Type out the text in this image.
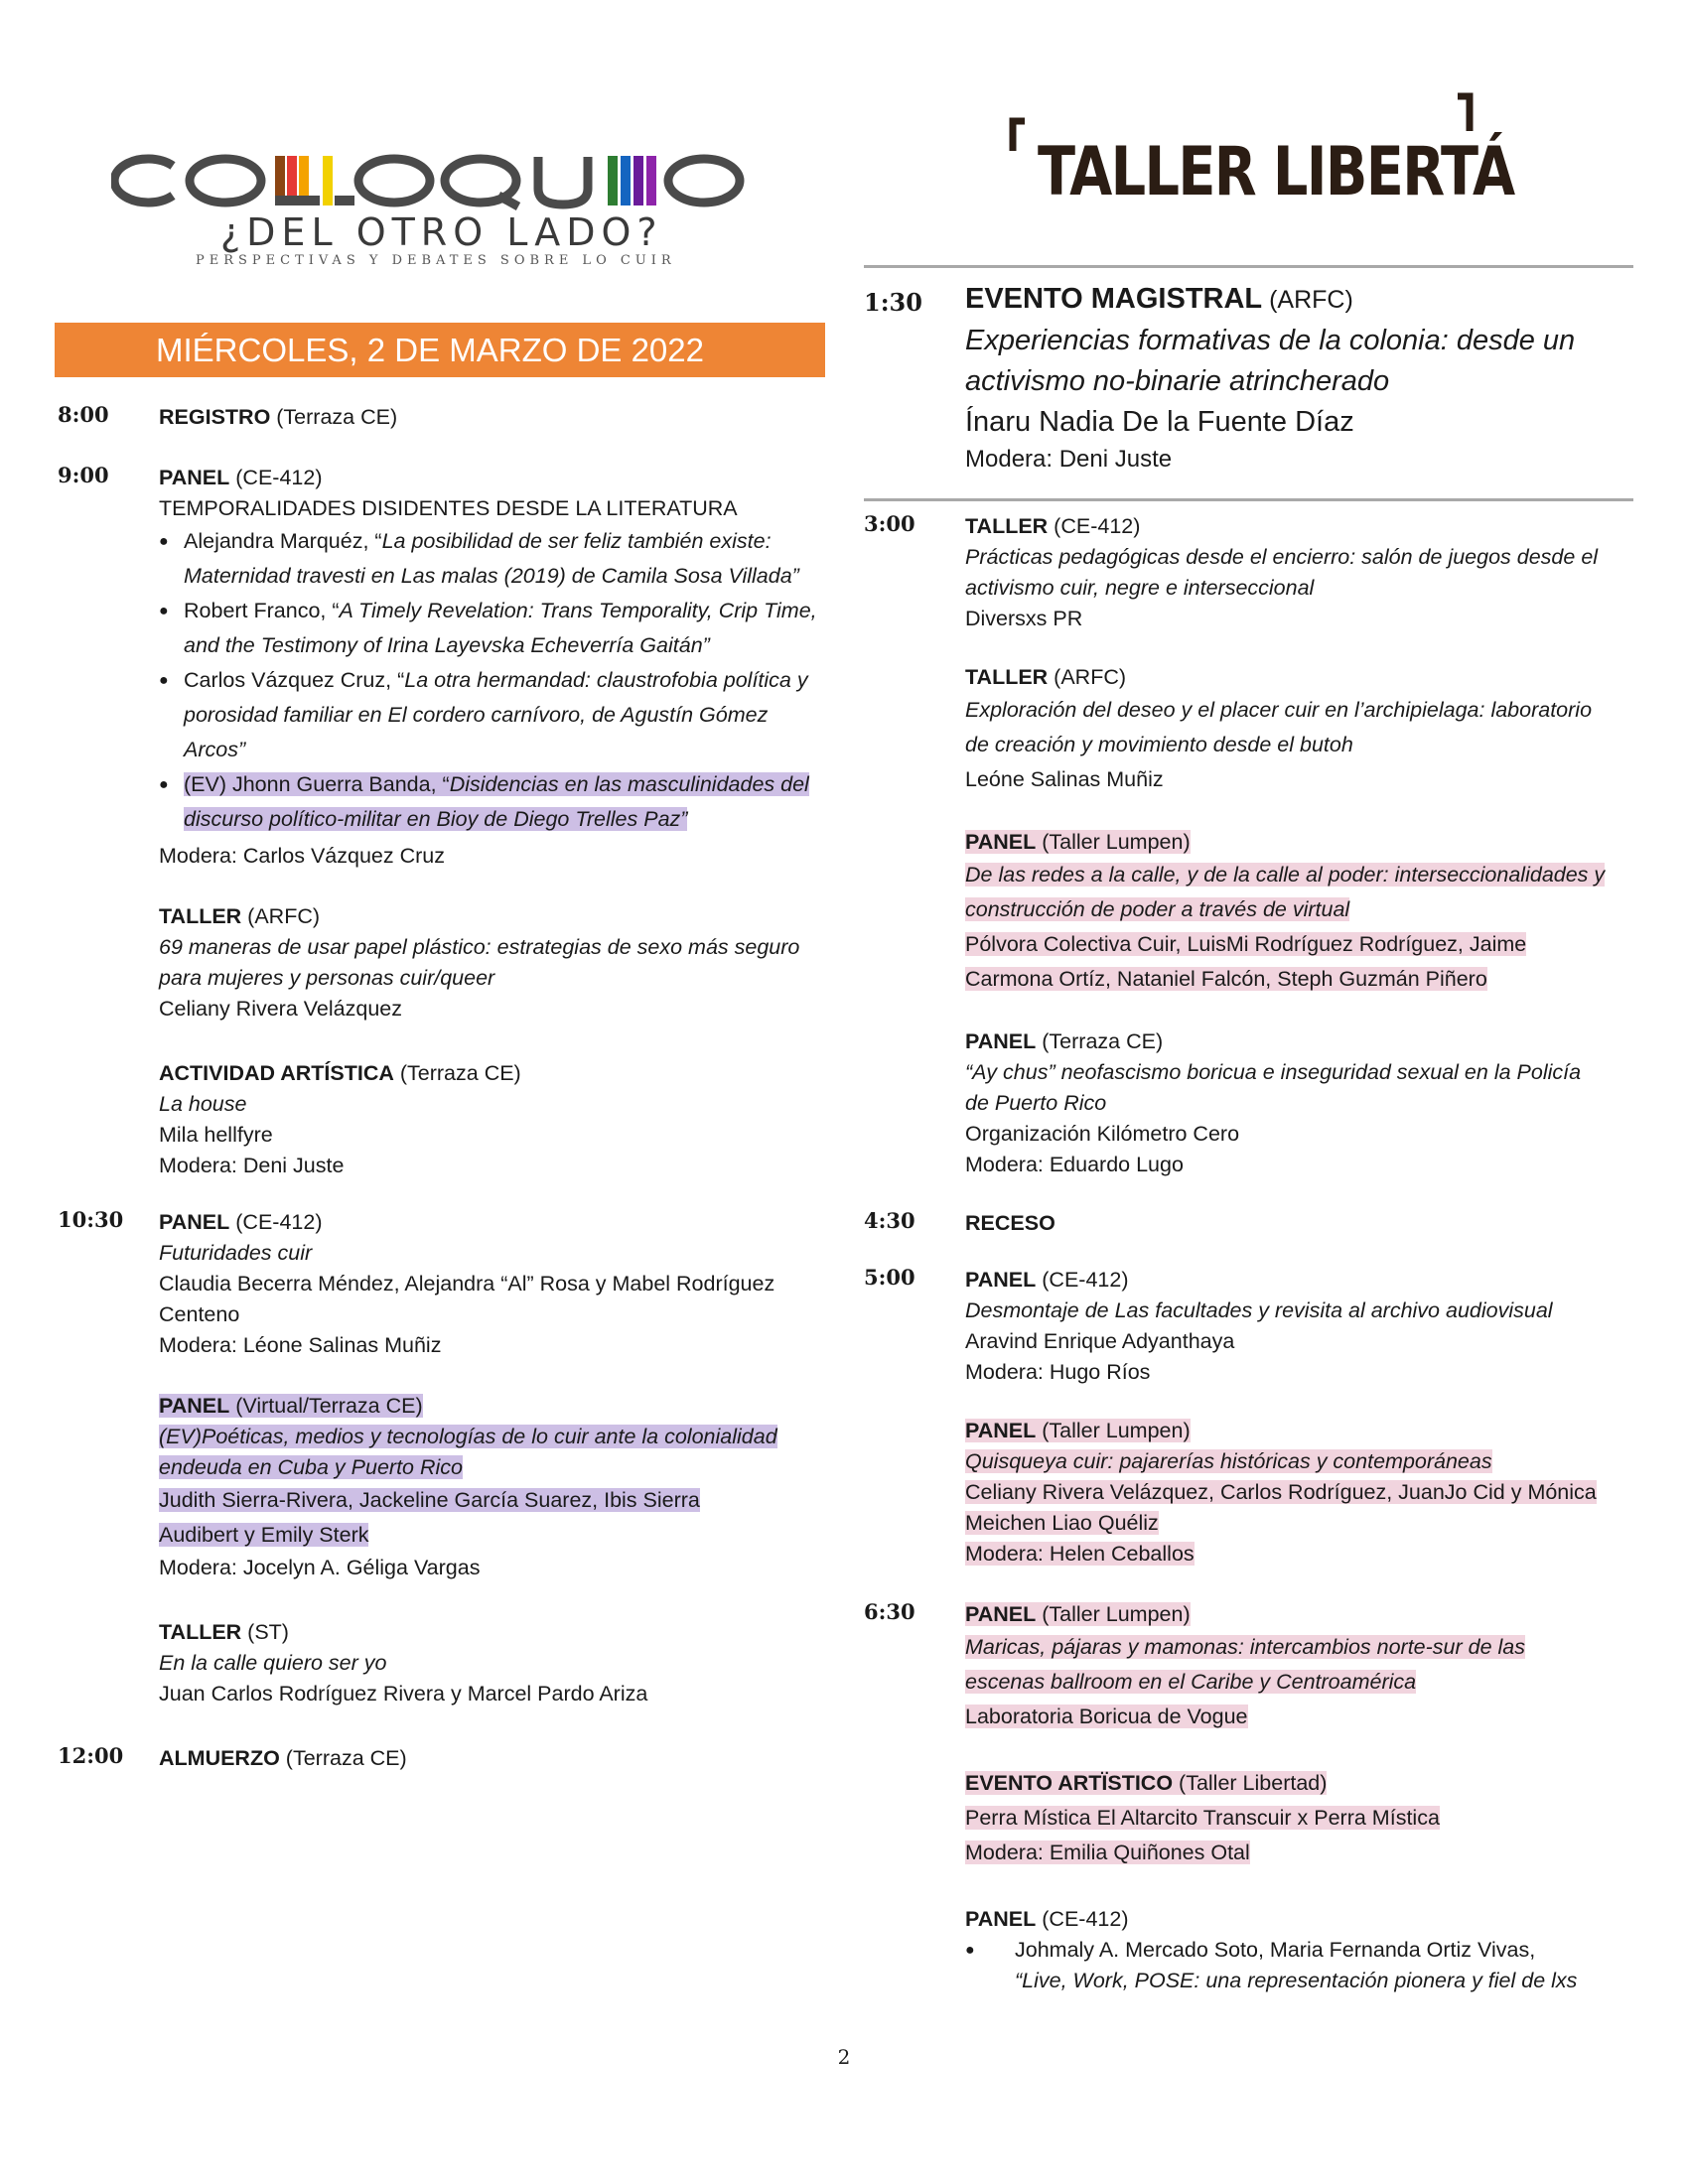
¿DEL OTRO LADO?
PERSPECTIVAS Y DEBATES SOBRE LO CUIR
TALLER LIBERTÁ
MIÉRCOLES, 2 DE MARZO DE 2022
8:00	REGISTRO (Terraza CE)
9:00	PANEL (CE-412)
TEMPORALIDADES DISIDENTES DESDE LA LITERATURA
● Alejandra Marquéz, “La posibilidad de ser feliz también existe: Maternidad travesti en Las malas (2019) de Camila Sosa Villada”
● Robert Franco, “A Timely Revelation: Trans Temporality, Crip Time, and the Testimony of Irina Layevska Echeverría Gaitán”
● Carlos Vázquez Cruz, “La otra hermandad: claustrofobia política y porosidad familiar en El cordero carnívoro, de Agustín Gómez Arcos”
● (EV) Jhonn Guerra Banda, “Disidencias en las masculinidades del discurso político-militar en Bioy de Diego Trelles Paz”
Modera: Carlos Vázquez Cruz
TALLER (ARFC)
69 maneras de usar papel plástico: estrategias de sexo más seguro
para mujeres y personas cuir/queer
Celiany Rivera Velázquez
ACTIVIDAD ARTÍSTICA (Terraza CE)
La house
Mila hellfyre
Modera: Deni Juste
10:30	PANEL (CE-412)
Futuridades cuir
Claudia Becerra Méndez, Alejandra “Al” Rosa y Mabel Rodríguez
Centeno
Modera: Léone Salinas Muñiz
PANEL (Virtual/Terraza CE)
(EV)Poéticas, medios y tecnologías de lo cuir ante la colonialidad
endeuda en Cuba y Puerto Rico
Judith Sierra-Rivera, Jackeline García Suarez, Ibis Sierra
Audibert y Emily Sterk
Modera: Jocelyn A. Géliga Vargas
TALLER (ST)
En la calle quiero ser yo
Juan Carlos Rodríguez Rivera y Marcel Pardo Ariza
12:00	ALMUERZO (Terraza CE)
1:30	EVENTO MAGISTRAL (ARFC)
Experiencias formativas de la colonia: desde un
activismo no-binarie atrincherado
Ínaru Nadia De la Fuente Díaz
Modera: Deni Juste
3:00	TALLER (CE-412)
Prácticas pedagógicas desde el encierro: salón de juegos desde el
activismo cuir, negre e interseccional
Diversxs PR
TALLER (ARFC)
Exploración del deseo y el placer cuir en l’archipielaga: laboratorio
de creación y movimiento desde el butoh
Leóne Salinas Muñiz
PANEL (Taller Lumpen)
De las redes a la calle, y de la calle al poder: interseccionalidades y
construcción de poder a través de virtual
Pólvora Colectiva Cuir, LuisMi Rodríguez Rodríguez, Jaime
Carmona Ortíz, Nataniel Falcón, Steph Guzmán Piñero
PANEL (Terraza CE)
“Ay chus” neofascismo boricua e inseguridad sexual en la Policía
de Puerto Rico
Organización Kilómetro Cero
Modera: Eduardo Lugo
4:30	RECESO
5:00	PANEL (CE-412)
Desmontaje de Las facultades y revisita al archivo audiovisual
Aravind Enrique Adyanthaya
Modera: Hugo Ríos
PANEL (Taller Lumpen)
Quisqueya cuir: pajarerías históricas y contemporáneas
Celiany Rivera Velázquez, Carlos Rodríguez, JuanJo Cid y Mónica
Meichen Liao Quéliz
Modera: Helen Ceballos
6:30	PANEL (Taller Lumpen)
Maricas, pájaras y mamonas: intercambios norte-sur de las
escenas ballroom en el Caribe y Centroamérica
Laboratoria Boricua de Vogue
EVENTO ARTÏSTICO (Taller Libertad)
Perra Mística El Altarcito Transcuir x Perra Mística
Modera: Emilia Quiñones Otal
PANEL (CE-412)
● Johmaly A. Mercado Soto, Maria Fernanda Ortiz Vivas,
“Live, Work, POSE: una representación pionera y fiel de lxs
2
